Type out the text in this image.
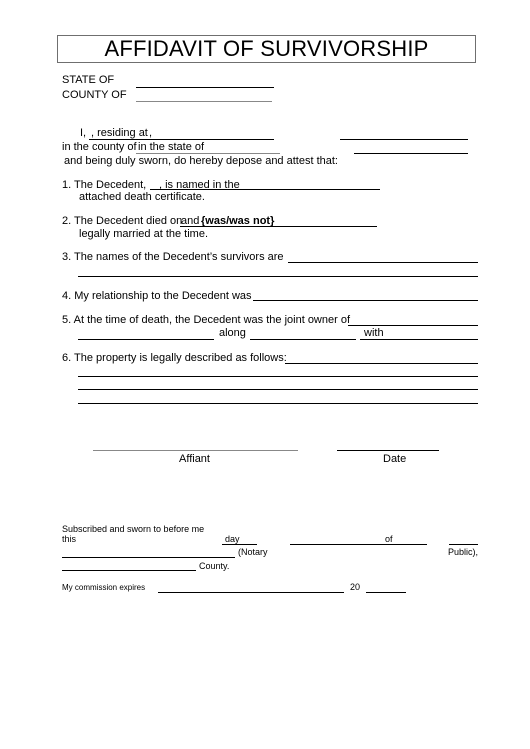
AFFIDAVIT OF SURVIVORSHIP
STATE OF
COUNTY OF
I, , residing at ,
in the county of in the state of
and being duly sworn, do hereby depose and attest that:
1. The Decedent, , is named in the
attached death certificate.
2. The Decedent died on
and {was/was not}
legally married at the time.
3. The names of the Decedent’s survivors are
4. My relationship to the Decedent was
5. At the time of death, the Decedent was the joint owner of
along	with
6. The property is legally described as follows:
Affiant	Date
Subscribed and sworn to before me
this	day	of
(Notary	Public),
County.
My commission expires	20
